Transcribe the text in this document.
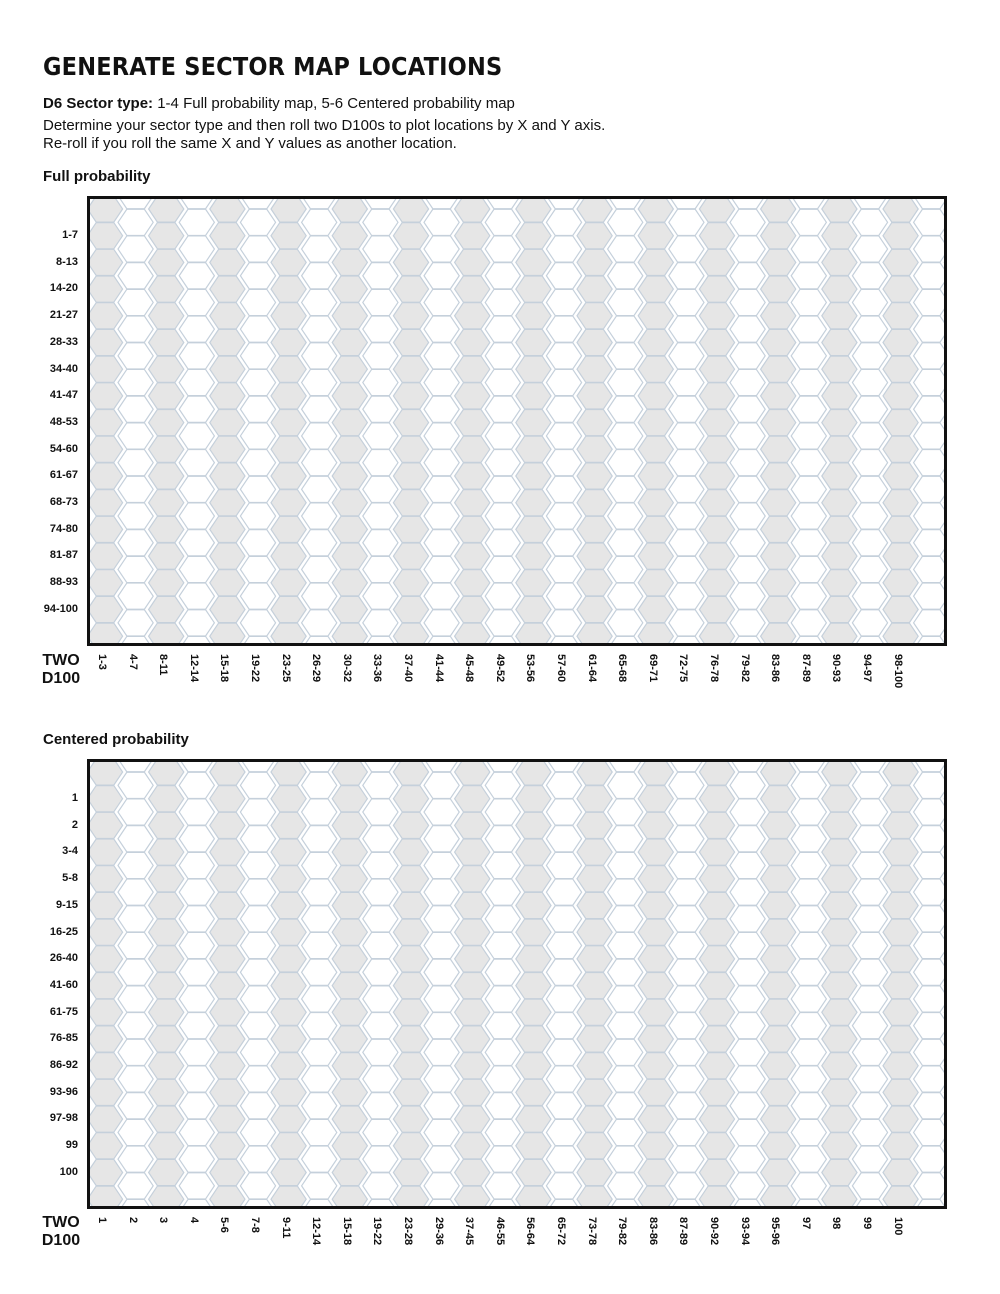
GENERATE SECTOR MAP LOCATIONS
D6 Sector type: 1-4 Full probability map, 5-6 Centered probability map
Determine your sector type and then roll two D100s to plot locations by X and Y axis.
Re-roll if you roll the same X and Y values as another location.
Full probability
1-7
8-13
14-20
21-27
28-33
34-40
41-47
48-53
54-60
61-67
68-73
74-80
81-87
88-93
94-100
1-3 4-7 8-11 12-14 15-18 19-22 23-25 26-29 30-32 33-36 37-40 41-44 45-48 49-52 53-56 57-60 61-64 65-68 69-71 72-75 76-78 79-82 83-86 87-89 90-93 94-97 98-100
TWO
D100
Centered probability
1
2
3-4
5-8
9-15
16-25
26-40
41-60
61-75
76-85
86-92
93-96
97-98
99
100
1 2 3 4 5-6 7-8 9-11 12-14 15-18 19-22 23-28 29-36 37-45 46-55 56-64 65-72 73-78 79-82 83-86 87-89 90-92 93-94 95-96 97 98 99 100
TWO
D100
